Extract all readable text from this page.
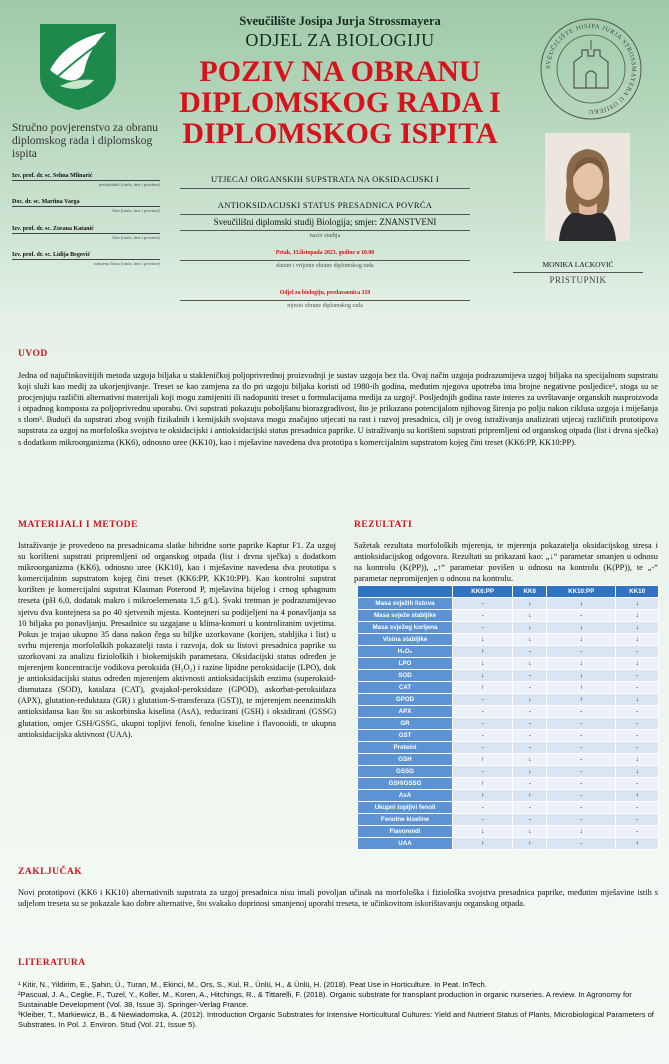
SVEUČILIŠTE JOSIPA JURJA STROSSMAYERA U OSIJEKU
Sveučilište Josipa Jurja Strossmayera
ODJEL ZA BIOLOGIJU
POZIV NA OBRANU DIPLOMSKOG RADA I DIPLOMSKOG ISPITA
Stručno povjerenstvo za obranu diplomskog rada i diplomskog ispita
Izv. prof. dr. sc. Selma Mlinarić
predsjednik (titula, ime i prezime)
Doc. dr. sc. Martina Varga
član (titula, ime i prezime)
Izv. prof. dr. sc. Zorana Katanić
član (titula, ime i prezime)
Izv. prof. dr. sc. Lidija Begović
zamjena člana (titula, ime i prezime)
UTJECAJ ORGANSKIH SUPSTRATA NA OKSIDACIJSKI I
ANTIOKSIDACIJSKI STATUS PRESADNICA POVRĆA
Sveučilišni diplomski studij Biologija; smjer: ZNANSTVENI
naziv studija
Petak, 13.listopada 2023. godine u 10.00
datum i vrijeme obrane diplomskog rada
Odjel za biologiju, predavaonica 319
mjesto obrane diplomskog rada
MONIKA LACKOVIĆ
PRISTUPNIK
UVOD
Jedna od najučinkovitijih metoda uzgoja biljaka u stakleničkoj poljoprivrednoj proizvodnji je sustav uzgoja bez tla. Ovaj način uzgoja podrazumijeva uzgoj biljaka na specijalnom supstratu koji služi kao medij za ukorjenjivanje. Treset se kao zamjena za tlo pri uzgoju biljaka koristi od 1980-ih godina, međutim njegova upotreba ima brojne negativne posljedice¹, stoga su se procjenjuju različiti alternativni materijali koji mogu zamijeniti ili nadopuniti treset u formulacijama medija za uzgoj². Posljednjih godina raste interes za uvrštavanje organskih nusproizvoda i otpadnog komposta za poljoprivrednu uporabu. Ovi supstrati pokazuju poboljšanu biorazgradivost, što je prikazano potencijalom njihovog širenja po polju nakon ciklusa uzgoja i miješanja s tlom³. Budući da supstrati zbog svojih fizikalnih i kemijskih svojstava mogu značajno utjecati na rast i razvoj presadnica, cilj je ovog istraživanja analizirati utjecaj različitih prototipova supstrata za uzgoj na morfološka svojstva te oksidacijski i antioksidacijski status presadnica paprike. U istraživanju su korišteni supstrati pripremljeni od organskog otpada (list i drvna sječka) s dodatkom mikroorganizma (KK6), odnosno uree (KK10), kao i mješavine navedena dva prototipa s komercijalnim supstratom kojeg čini treset (KK6:PP, KK10:PP).
MATERIJALI I METODE
Istraživanje je provedeno na presadnicama slatke hibridne sorte paprike Kaptur F1. Za uzgoj su korišteni supstrati pripremljeni od organskog otpada (list i drvna sječka) s dodatkom mikroorganizma (KK6), odnosno uree (KK10), kao i mješavine navedena dva prototipa s komercijalnim supstratom kojeg čini treset (KK6:PP, KK10:PP). Kao kontrolni supstrat korišten je komercijalni supstrat Klasman Poterond P, mješavina bijelog i crnog sphagnum treseta (pH 6,0, dodatak makro i mikroelemenata 1,5 g/L). Svaki tretman je podrazumijevao sjetvu dva kontejnera sa po 40 sjetvenih mjesta. Kontejneri su podijeljeni na 4 ponavljanja sa 10 biljaka po ponavljanju. Presadnice su uzgajane u klima-komori u kontroliranim uvjetima. Pokus je trajao ukupno 35 dana nakon čega su biljke uzorkovane (korijen, stabljika i list) u svrhu mjerenja morfoloških pokazatelji rasta i razvoja, dok su listovi presadnica paprike su uzorkovani za analizu fizioloških i biokemijskih parametara. Oksidacijski status određen je mjerenjem koncentracije vodikova peroksida (H₂O₂) i razine lipidne peroksidacije (LPO), dok je antioksidacijski status određen mjerenjem aktivnosti antioksidacijskih enzima (superoksid-dismutaza (SOD), katalaza (CAT), gvajakol-peroksidaze (GPOD), askorbat-peroksidaza (APX), glutation-reduktaza (GR) i glutation-S-transferaza (GST)), te mjerenjem neenzimskih antioksidansa kao što su askorbinska kiselina (AsA), reducirani (GSH) i oksidirani (GSSG) glutation, omjer GSH/GSSG, ukupni topljivi fenoli, fenolne kiseline i flavonoidi, te ukupna antioksidacijska aktivnost (UAA).
REZULTATI
Sažetak rezultata morfoloških mjerenja, te mjerenja pokazatelja oksidacijskog stresa i antioksidacijskog odgovora. Rezultati su prikazani kao: „↓“ parametar smanjen u odnosu na kontrolu (K(PP)), „↑“ parametar povišen u odnosu na kontrolu (K(PP)), te „-“ parametar nepromijenjen u odnosu na kontrolu.
	KK6:PP	KK6	KK10:PP	KK10
Masa svježih listova	-	↓	↓	↓
Masa svježe stabljike	-	↓	-	↓
Masa svježeg korijena	-	↓	↓	↓
Visina stabljike	↓	↓	↓	↓
H₂O₂	↑	-	-	-
LPO	↓	↓	↓	↓
SOD	↓	-	↓	-
CAT	↑	-	↑	-
GPOD	-	↓	↑	↓
APX	-	-	-	-
GR	-	-	-	-
GST	-	-	-	-
Proteini	-	-	-	-
GSH	↑	↓	-	↓
GSSG	-	↓	-	↓
GSH/GSSG	↑	-	-	-
AsA	↑	↑	-	↑
Ukupni topljivi fenoli	-	-	-	-
Fenolne kiseline	-	-	-	-
Flavonoidi	↓	↓	↓	-
UAA	↑	↑	-	↑
ZAKLJUČAK
Novi prototipovi (KK6 i KK10) alternativnih supstrata za uzgoj presadnica nisu imali povoljan učinak na morfološka i fiziološka svojstva presadnica paprike, međutim mješavine istih s udjelom treseta su se pokazale kao dobre alternative, što svakako doprinosi smanjenoj uporabi treseta, te učinkovitom iskorištavanju organskog otpada.
LITERATURA
¹ Kitir, N., Yildirim, E., Şahin, Ü., Turan, M., Ekinci, M., Ors, S., Kul, R., Ünlü, H., & Ünlü, H. (2018). Peat Use in Horticulture. In Peat. InTech.
²Pascual, J. A., Ceglie, F., Tuzel, Y., Koller, M., Koren, A., Hitchings, R., & Tittarelli, F. (2018). Organic substrate for transplant production in organic nurseries. A review. In Agronomy for Sustainable Development (Vol. 38, Issue 3). Springer-Verlag France.
³Kleiber, T., Markiewicz, B., & Niewiadomska, A. (2012). Introduction Organic Substrates for Intensive Horticultural Cultures: Yield and Nutrient Status of Plants, Microbiological Parameters of Substrates. In Pol. J. Environ. Stud (Vol. 21, Issue 5).
